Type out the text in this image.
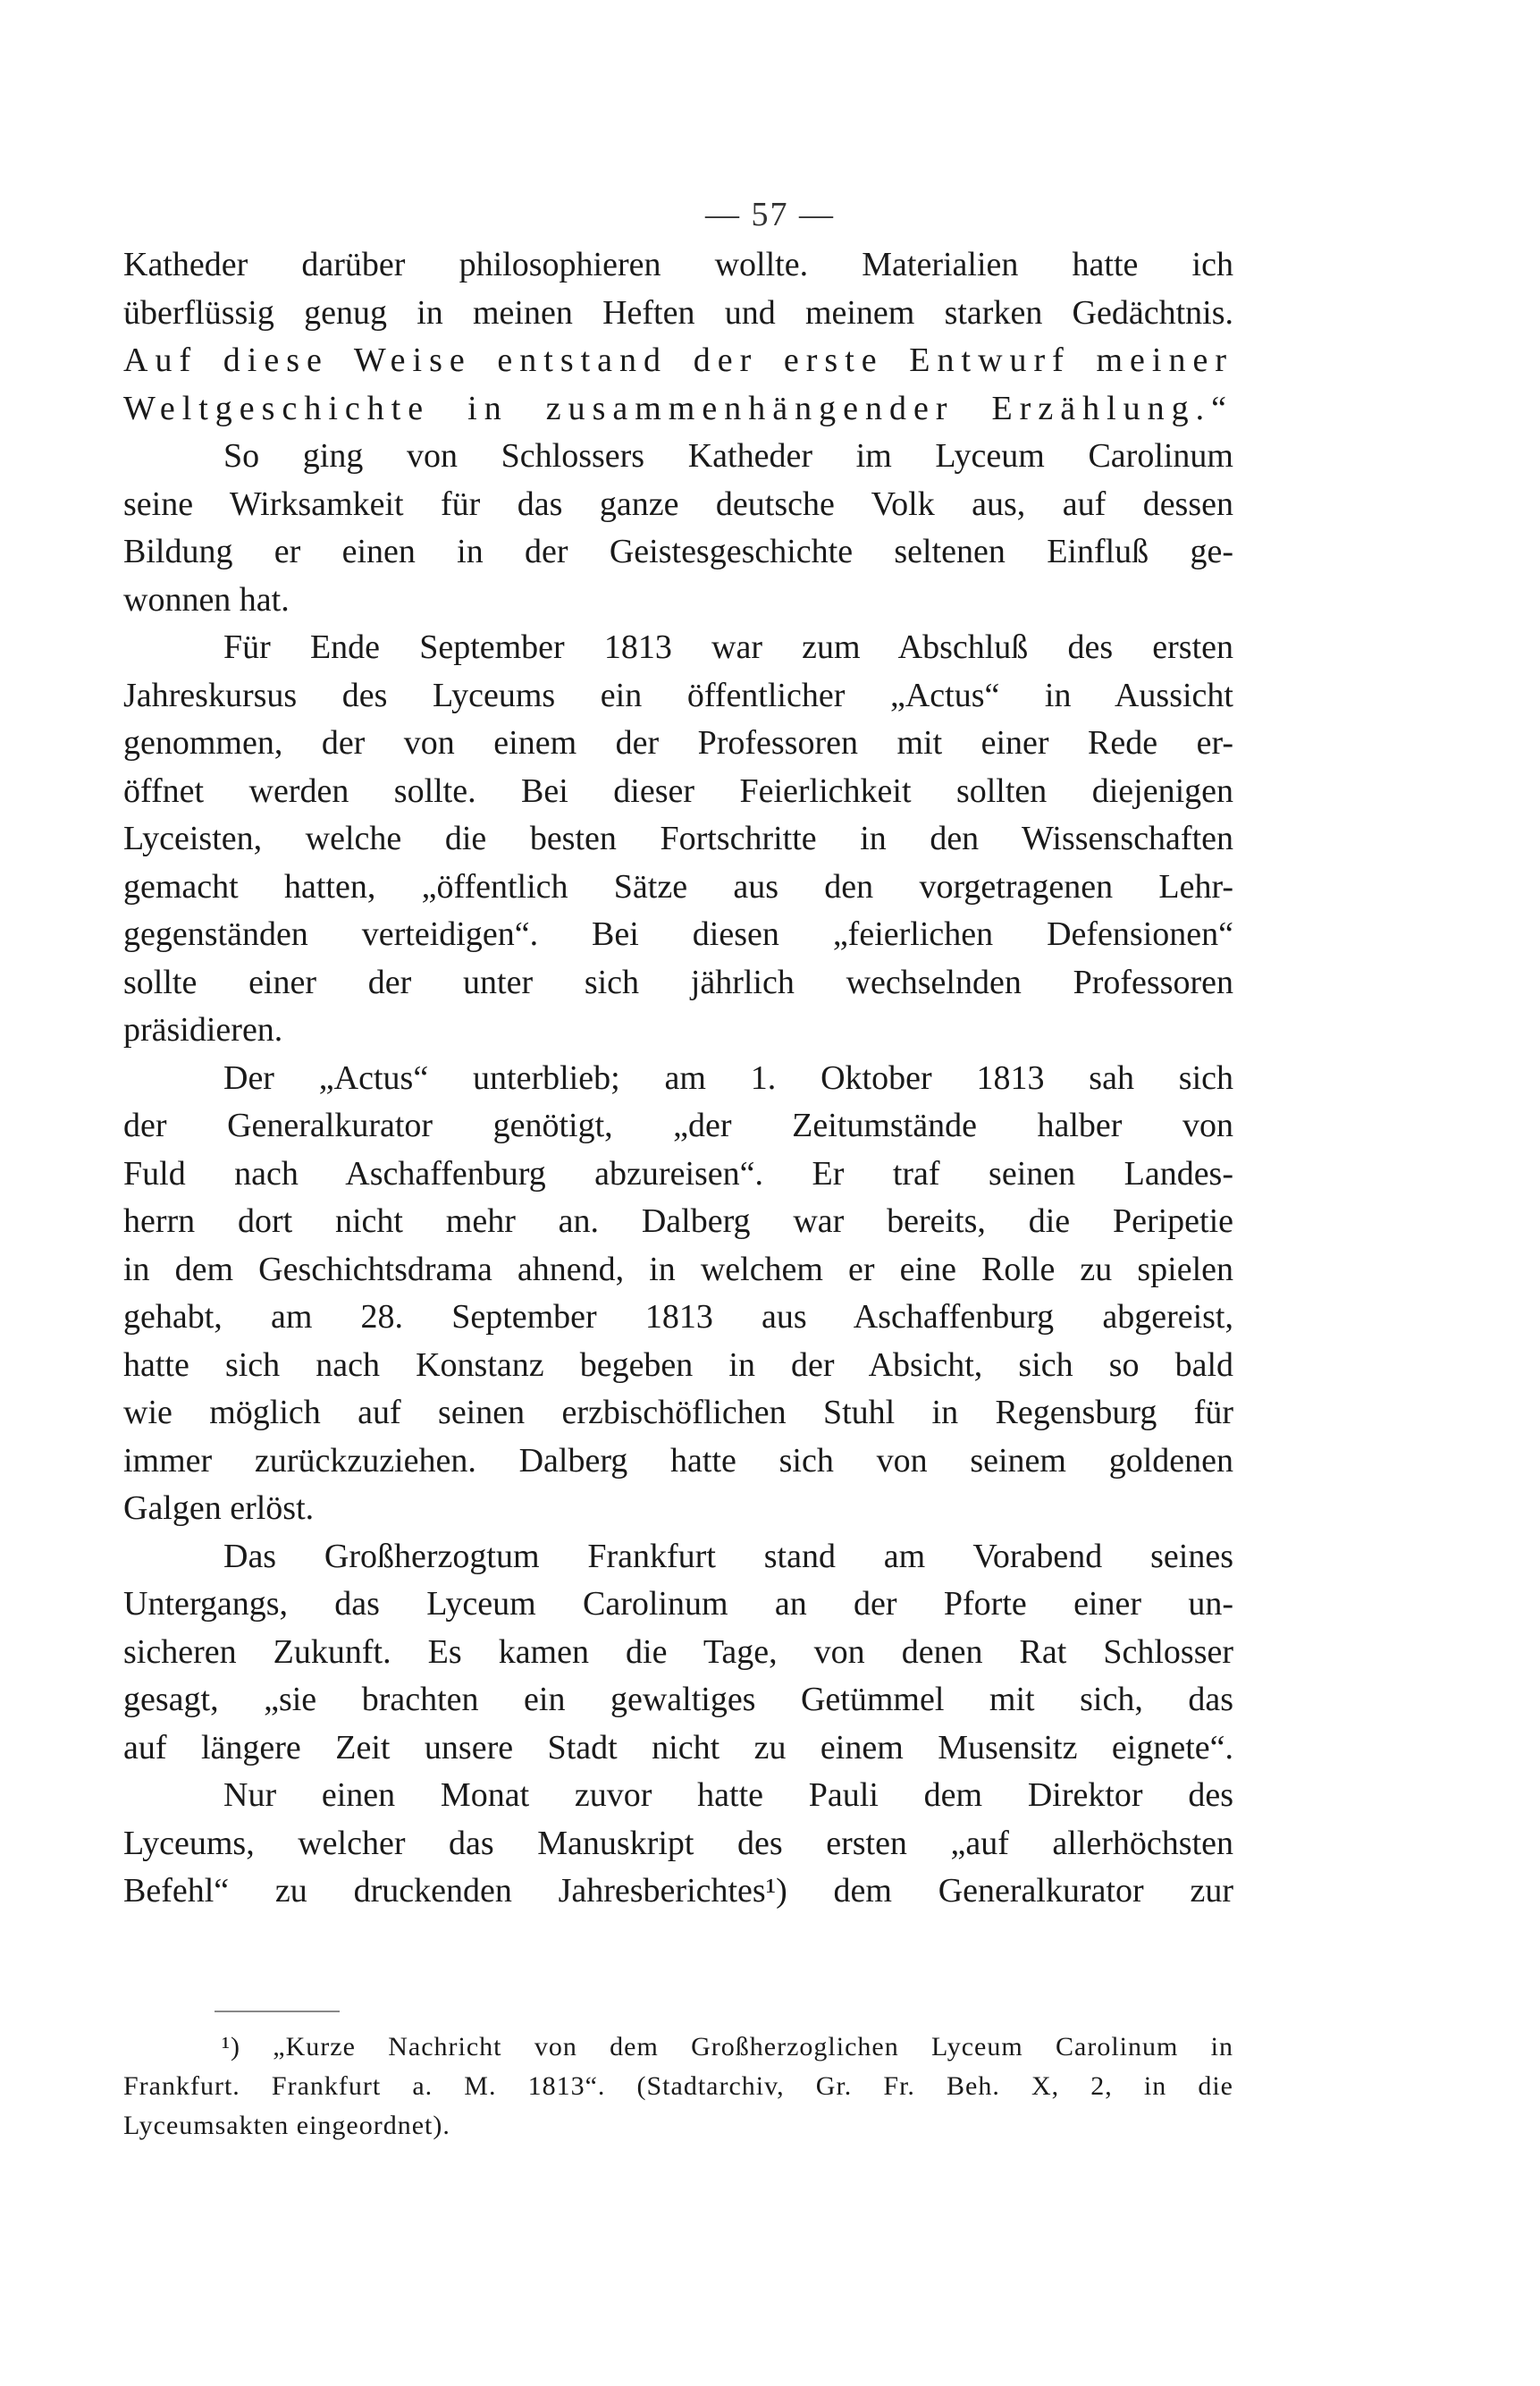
— 57 —
Katheder darüber philosophieren wollte. Materialien hatte ich
überflüssig genug in meinen Heften und meinem starken Gedächtnis.
Auf diese Weise entstand der erste Entwurf meiner
Weltgeschichte in zusammenhängender Erzählung.“
So ging von Schlossers Katheder im Lyceum Carolinum
seine Wirksamkeit für das ganze deutsche Volk aus, auf dessen
Bildung er einen in der Geistesgeschichte seltenen Einfluß ge-
wonnen hat.
Für Ende September 1813 war zum Abschluß des ersten
Jahreskursus des Lyceums ein öffentlicher „Actus“ in Aussicht
genommen, der von einem der Professoren mit einer Rede er-
öffnet werden sollte. Bei dieser Feierlichkeit sollten diejenigen
Lyceisten, welche die besten Fortschritte in den Wissenschaften
gemacht hatten, „öffentlich Sätze aus den vorgetragenen Lehr-
gegenständen verteidigen“. Bei diesen „feierlichen Defensionen“
sollte einer der unter sich jährlich wechselnden Professoren
präsidieren.
Der „Actus“ unterblieb; am 1. Oktober 1813 sah sich
der Generalkurator genötigt, „der Zeitumstände halber von
Fuld nach Aschaffenburg abzureisen“. Er traf seinen Landes-
herrn dort nicht mehr an. Dalberg war bereits, die Peripetie
in dem Geschichtsdrama ahnend, in welchem er eine Rolle zu spielen
gehabt, am 28. September 1813 aus Aschaffenburg abgereist,
hatte sich nach Konstanz begeben in der Absicht, sich so bald
wie möglich auf seinen erzbischöflichen Stuhl in Regensburg für
immer zurückzuziehen. Dalberg hatte sich von seinem goldenen
Galgen erlöst.
Das Großherzogtum Frankfurt stand am Vorabend seines
Untergangs, das Lyceum Carolinum an der Pforte einer un-
sicheren Zukunft. Es kamen die Tage, von denen Rat Schlosser
gesagt, „sie brachten ein gewaltiges Getümmel mit sich, das
auf längere Zeit unsere Stadt nicht zu einem Musensitz eignete“.
Nur einen Monat zuvor hatte Pauli dem Direktor des
Lyceums, welcher das Manuskript des ersten „auf allerhöchsten
Befehl“ zu druckenden Jahresberichtes¹) dem Generalkurator zur
¹) „Kurze Nachricht von dem Großherzoglichen Lyceum Carolinum in
Frankfurt. Frankfurt a. M. 1813“. (Stadtarchiv, Gr. Fr. Beh. X, 2, in die
Lyceumsakten eingeordnet).
